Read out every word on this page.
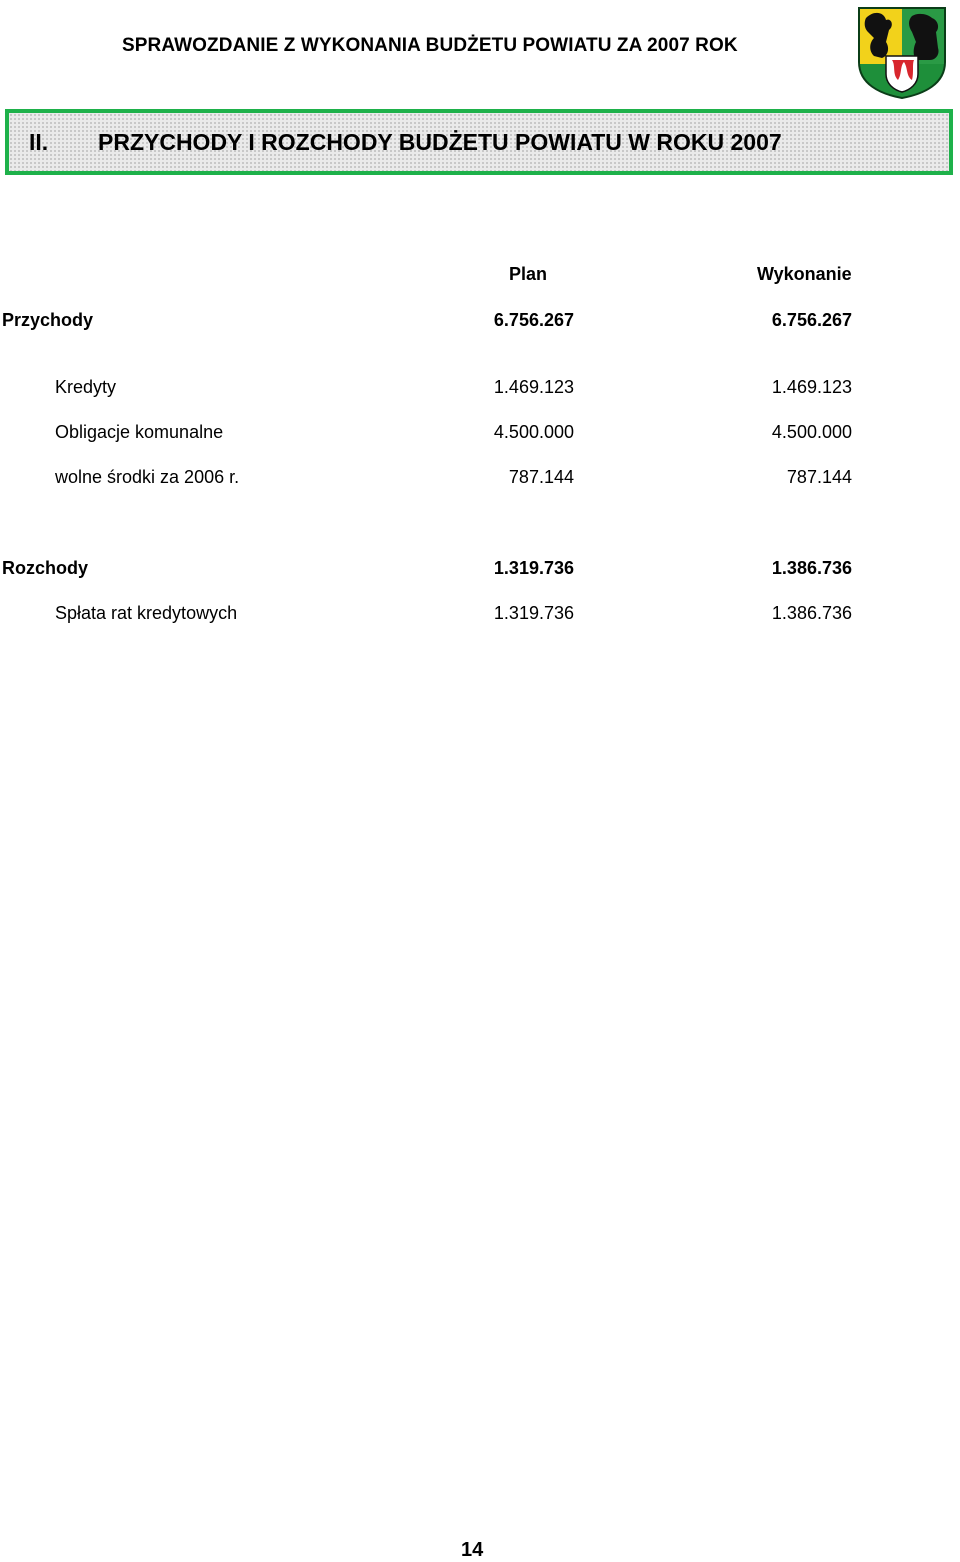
SPRAWOZDANIE Z WYKONANIA BUDŻETU POWIATU ZA 2007 ROK
II. PRZYCHODY I ROZCHODY BUDŻETU POWIATU W ROKU 2007
Plan	Wykonanie
Przychody	6.756.267	6.756.267
Kredyty	1.469.123	1.469.123
Obligacje komunalne	4.500.000	4.500.000
wolne środki za 2006 r.	787.144	787.144
Rozchody	1.319.736	1.386.736
Spłata rat kredytowych	1.319.736	1.386.736
14
